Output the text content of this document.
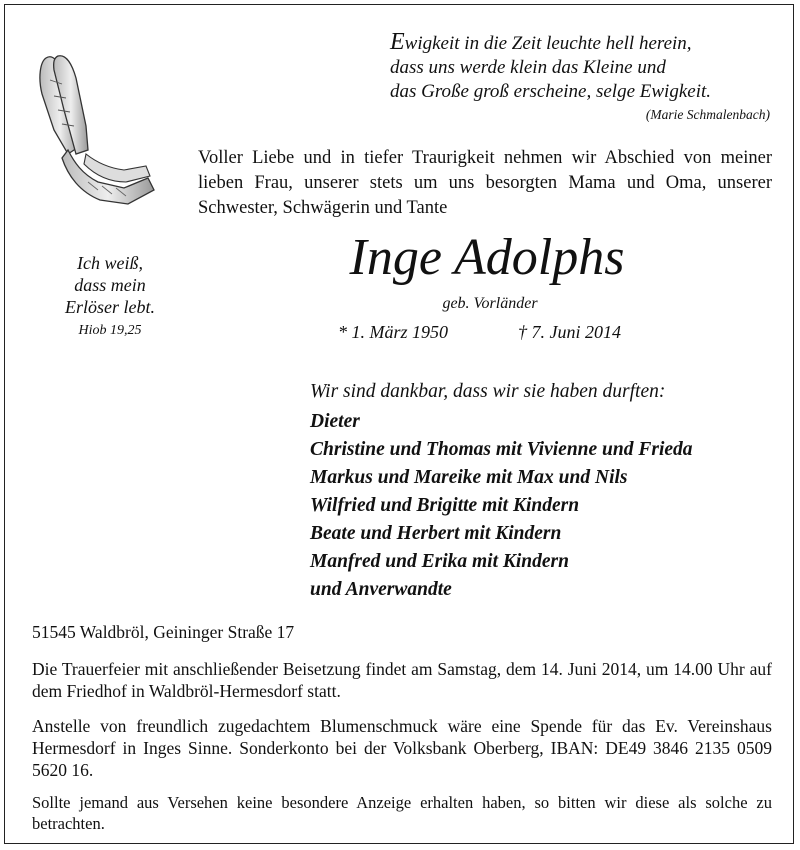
Ewigkeit in die Zeit leuchte hell herein,
dass uns werde klein das Kleine und
das Große groß erscheine, selge Ewigkeit.
(Marie Schmalenbach)
Voller Liebe und in tiefer Traurigkeit nehmen wir Abschied von meiner lieben Frau, unserer stets um uns besorgten Mama und Oma, unserer Schwester, Schwägerin und Tante
Ich weiß,
dass mein
Erlöser lebt.
Hiob 19,25
Inge Adolphs
geb. Vorländer
* 1. März 1950	† 7. Juni 2014
Wir sind dankbar, dass wir sie haben durften:
Dieter
Christine und Thomas mit Vivienne und Frieda
Markus und Mareike mit Max und Nils
Wilfried und Brigitte mit Kindern
Beate und Herbert mit Kindern
Manfred und Erika mit Kindern
und Anverwandte
51545 Waldbröl, Geininger Straße 17
Die Trauerfeier mit anschließender Beisetzung findet am Samstag, dem 14. Juni 2014, um 14.00 Uhr auf dem Friedhof in Waldbröl-Hermesdorf statt.
Anstelle von freundlich zugedachtem Blumenschmuck wäre eine Spende für das Ev. Vereinshaus Hermesdorf in Inges Sinne. Sonderkonto bei der Volksbank Oberberg, IBAN: DE49 3846 2135 0509 5620 16.
Sollte jemand aus Versehen keine besondere Anzeige erhalten haben, so bitten wir diese als solche zu betrachten.
